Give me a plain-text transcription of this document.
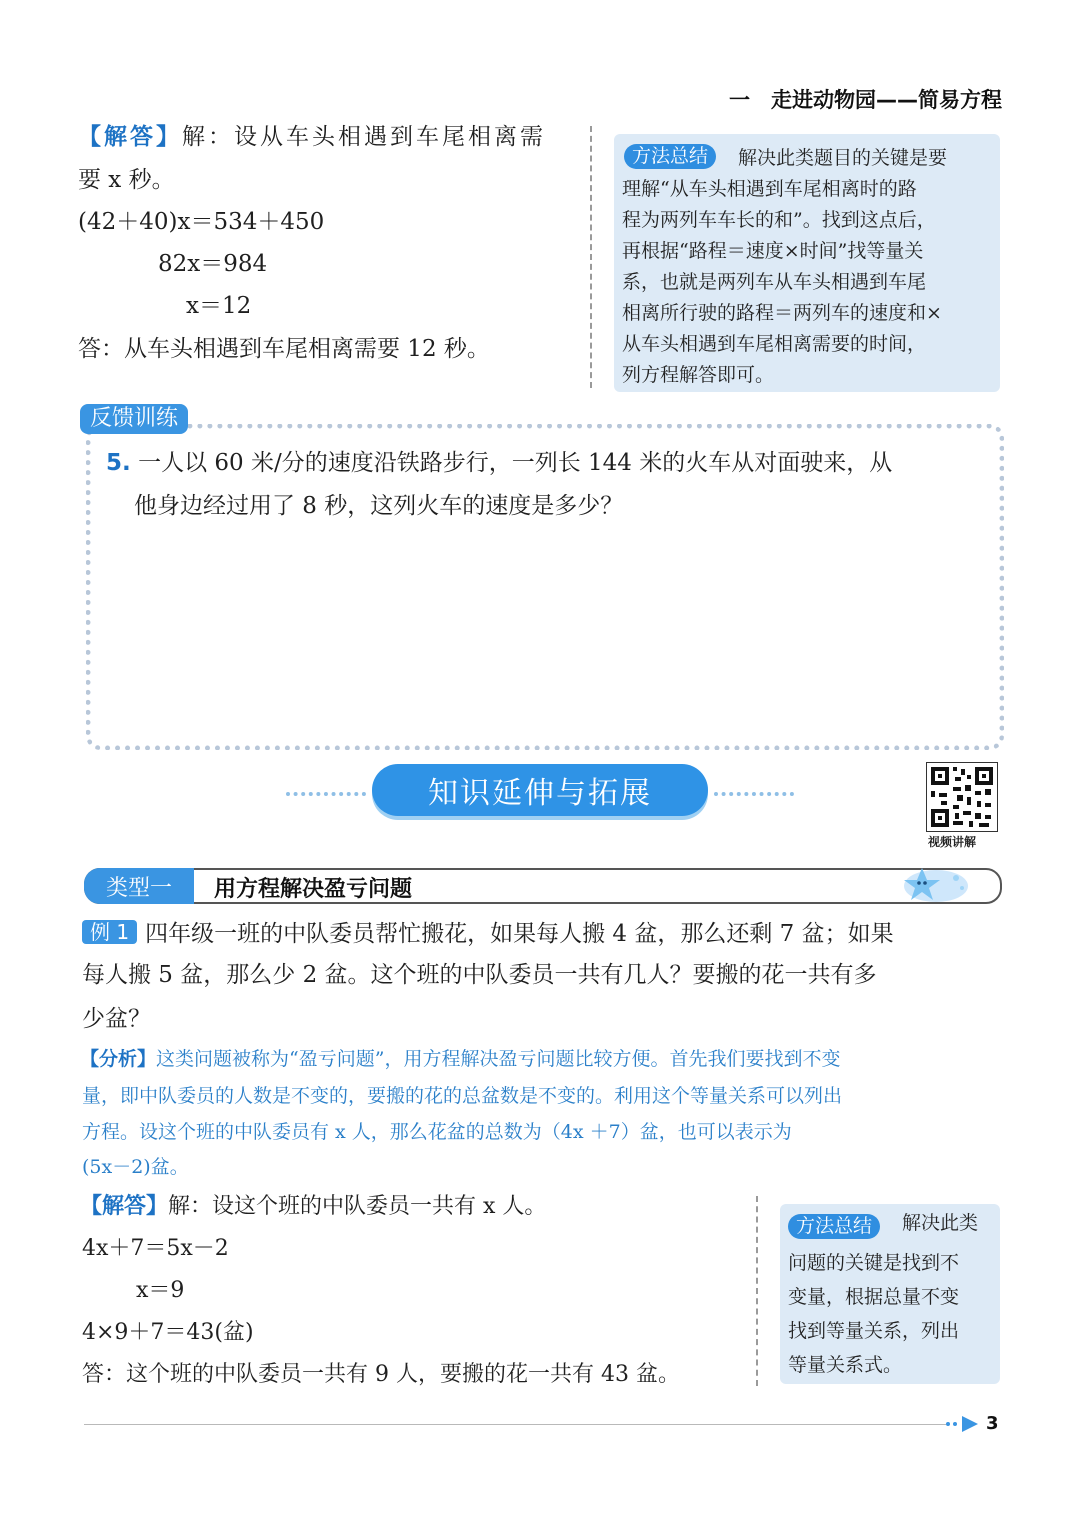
一　走进动物园——简易方程
【解答】解：设从车头相遇到车尾相离需
要 x 秒。
(42＋40)x＝534＋450
82x＝984
x＝12
答：从车头相遇到车尾相离需要 12 秒。
方法总结	解决此类题目的关键是要
理解“从车头相遇到车尾相离时的路
程为两列车车长的和”。找到这点后，
再根据“路程＝速度×时间”找等量关
系，也就是两列车从车头相遇到车尾
相离所行驶的路程＝两列车的速度和×
从车头相遇到车尾相离需要的时间，
列方程解答即可。
反馈训练
5. 一人以 60 米/分的速度沿铁路步行，一列长 144 米的火车从对面驶来，从
他身边经过用了 8 秒，这列火车的速度是多少？
知识延伸与拓展
视频讲解
类型一	用方程解决盈亏问题
例 1 四年级一班的中队委员帮忙搬花，如果每人搬 4 盆，那么还剩 7 盆；如果
每人搬 5 盆，那么少 2 盆。这个班的中队委员一共有几人？要搬的花一共有多
少盆？
【分析】这类问题被称为“盈亏问题”，用方程解决盈亏问题比较方便。首先我们要找到不变
量，即中队委员的人数是不变的，要搬的花的总盆数是不变的。利用这个等量关系可以列出
方程。设这个班的中队委员有 x 人，那么花盆的总数为（4x ＋7）盆，也可以表示为
(5x－2)盆。
【解答】解：设这个班的中队委员一共有 x 人。
4x＋7＝5x－2
x＝9
4×9＋7＝43(盆)
答：这个班的中队委员一共有 9 人，要搬的花一共有 43 盆。
方法总结	解决此类
问题的关键是找到不
变量，根据总量不变
找到等量关系，列出
等量关系式。
3
